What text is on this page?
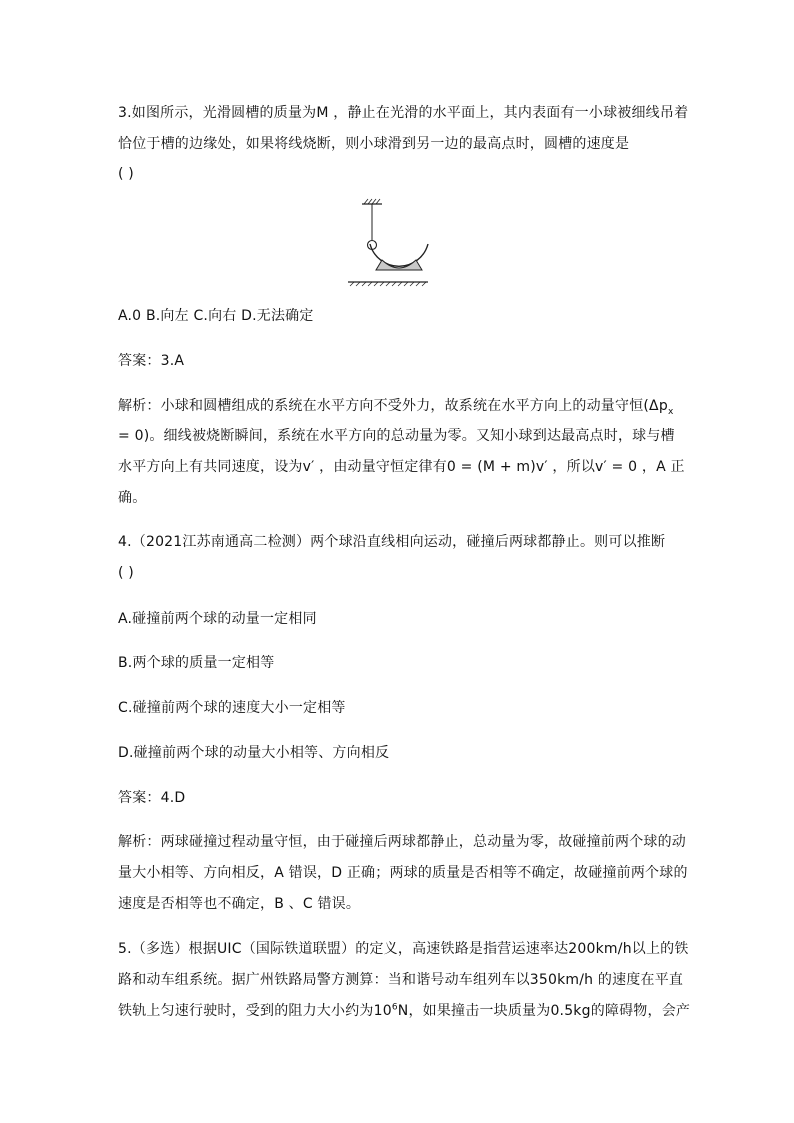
3.如图所示，光滑圆槽的质量为M ，静止在光滑的水平面上，其内表面有一小球被细线吊着
恰位于槽的边缘处，如果将线烧断，则小球滑到另一边的最高点时，圆槽的速度是
( )
A.0 B.向左 C.向右 D.无法确定
答案：3.A
解析：小球和圆槽组成的系统在水平方向不受外力，故系统在水平方向上的动量守恒($\Delta p_x$
= 0)。细线被烧断瞬间，系统在水平方向的总动量为零。又知小球到达最高点时，球与槽
水平方向上有共同速度，设为v′ ，由动量守恒定律有0 = (M + m)v′ ，所以v′ = 0 ，A 正
确。
4.（2021江苏南通高二检测）两个球沿直线相向运动，碰撞后两球都静止。则可以推断
( )
A.碰撞前两个球的动量一定相同
B.两个球的质量一定相等
C.碰撞前两个球的速度大小一定相等
D.碰撞前两个球的动量大小相等、方向相反
答案：4.D
解析：两球碰撞过程动量守恒，由于碰撞后两球都静止，总动量为零，故碰撞前两个球的动
量大小相等、方向相反，A 错误，D 正确；两球的质量是否相等不确定，故碰撞前两个球的
速度是否相等也不确定，B 、C 错误。
5.（多选）根据UIC（国际铁道联盟）的定义，高速铁路是指营运速率达200km/h以上的铁
路和动车组系统。据广州铁路局警方测算：当和谐号动车组列车以350km/h 的速度在平直
铁轨上匀速行驶时，受到的阻力大小约为$10^6N$，如果撞击一块质量为0.5kg的障碍物，会产
